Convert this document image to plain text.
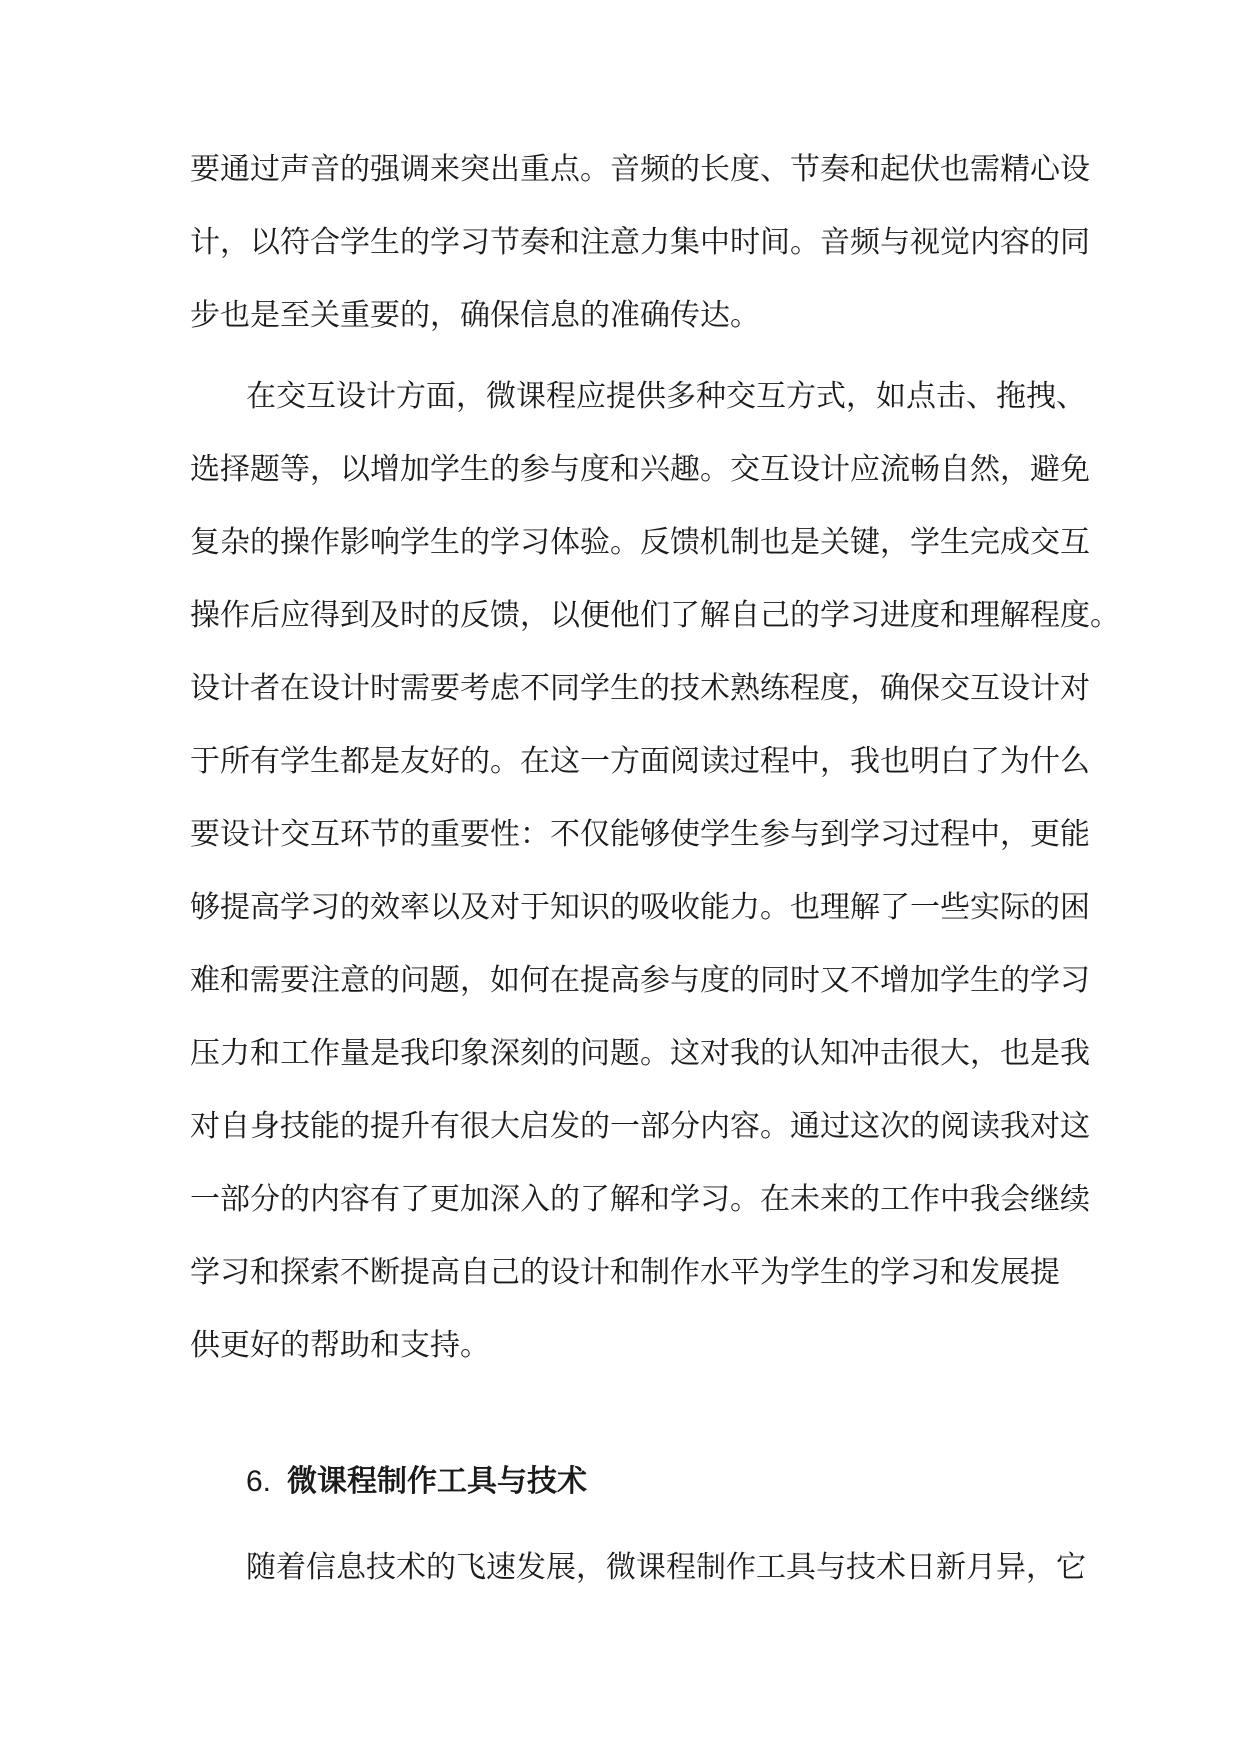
要通过声音的强调来突出重点。音频的长度、节奏和起伏也需精心设
计，以符合学生的学习节奏和注意力集中时间。音频与视觉内容的同
步也是至关重要的，确保信息的准确传达。
在交互设计方面，微课程应提供多种交互方式，如点击、拖拽、
选择题等，以增加学生的参与度和兴趣。交互设计应流畅自然，避免
复杂的操作影响学生的学习体验。反馈机制也是关键，学生完成交互
操作后应得到及时的反馈，以便他们了解自己的学习进度和理解程度。
设计者在设计时需要考虑不同学生的技术熟练程度，确保交互设计对
于所有学生都是友好的。在这一方面阅读过程中，我也明白了为什么
要设计交互环节的重要性：不仅能够使学生参与到学习过程中，更能
够提高学习的效率以及对于知识的吸收能力。也理解了一些实际的困
难和需要注意的问题，如何在提高参与度的同时又不增加学生的学习
压力和工作量是我印象深刻的问题。这对我的认知冲击很大，也是我
对自身技能的提升有很大启发的一部分内容。通过这次的阅读我对这
一部分的内容有了更加深入的了解和学习。在未来的工作中我会继续
学习和探索不断提高自己的设计和制作水平为学生的学习和发展提
供更好的帮助和支持。
6. 微课程制作工具与技术
随着信息技术的飞速发展，微课程制作工具与技术日新月异，它
